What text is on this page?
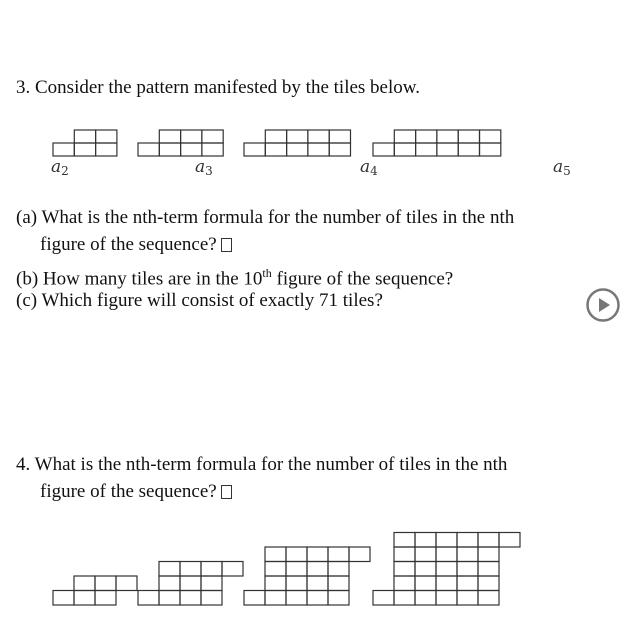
3. Consider the pattern manifested by the tiles below.
$a_2$	$a_3$	$a_4$	$a_5$
(a) What is the nth-term formula for the number of tiles in the nth
figure of the sequence?
(b) How many tiles are in the 10th figure of the sequence?
(c) Which figure will consist of exactly 71 tiles?
4. What is the nth-term formula for the number of tiles in the nth
figure of the sequence?
